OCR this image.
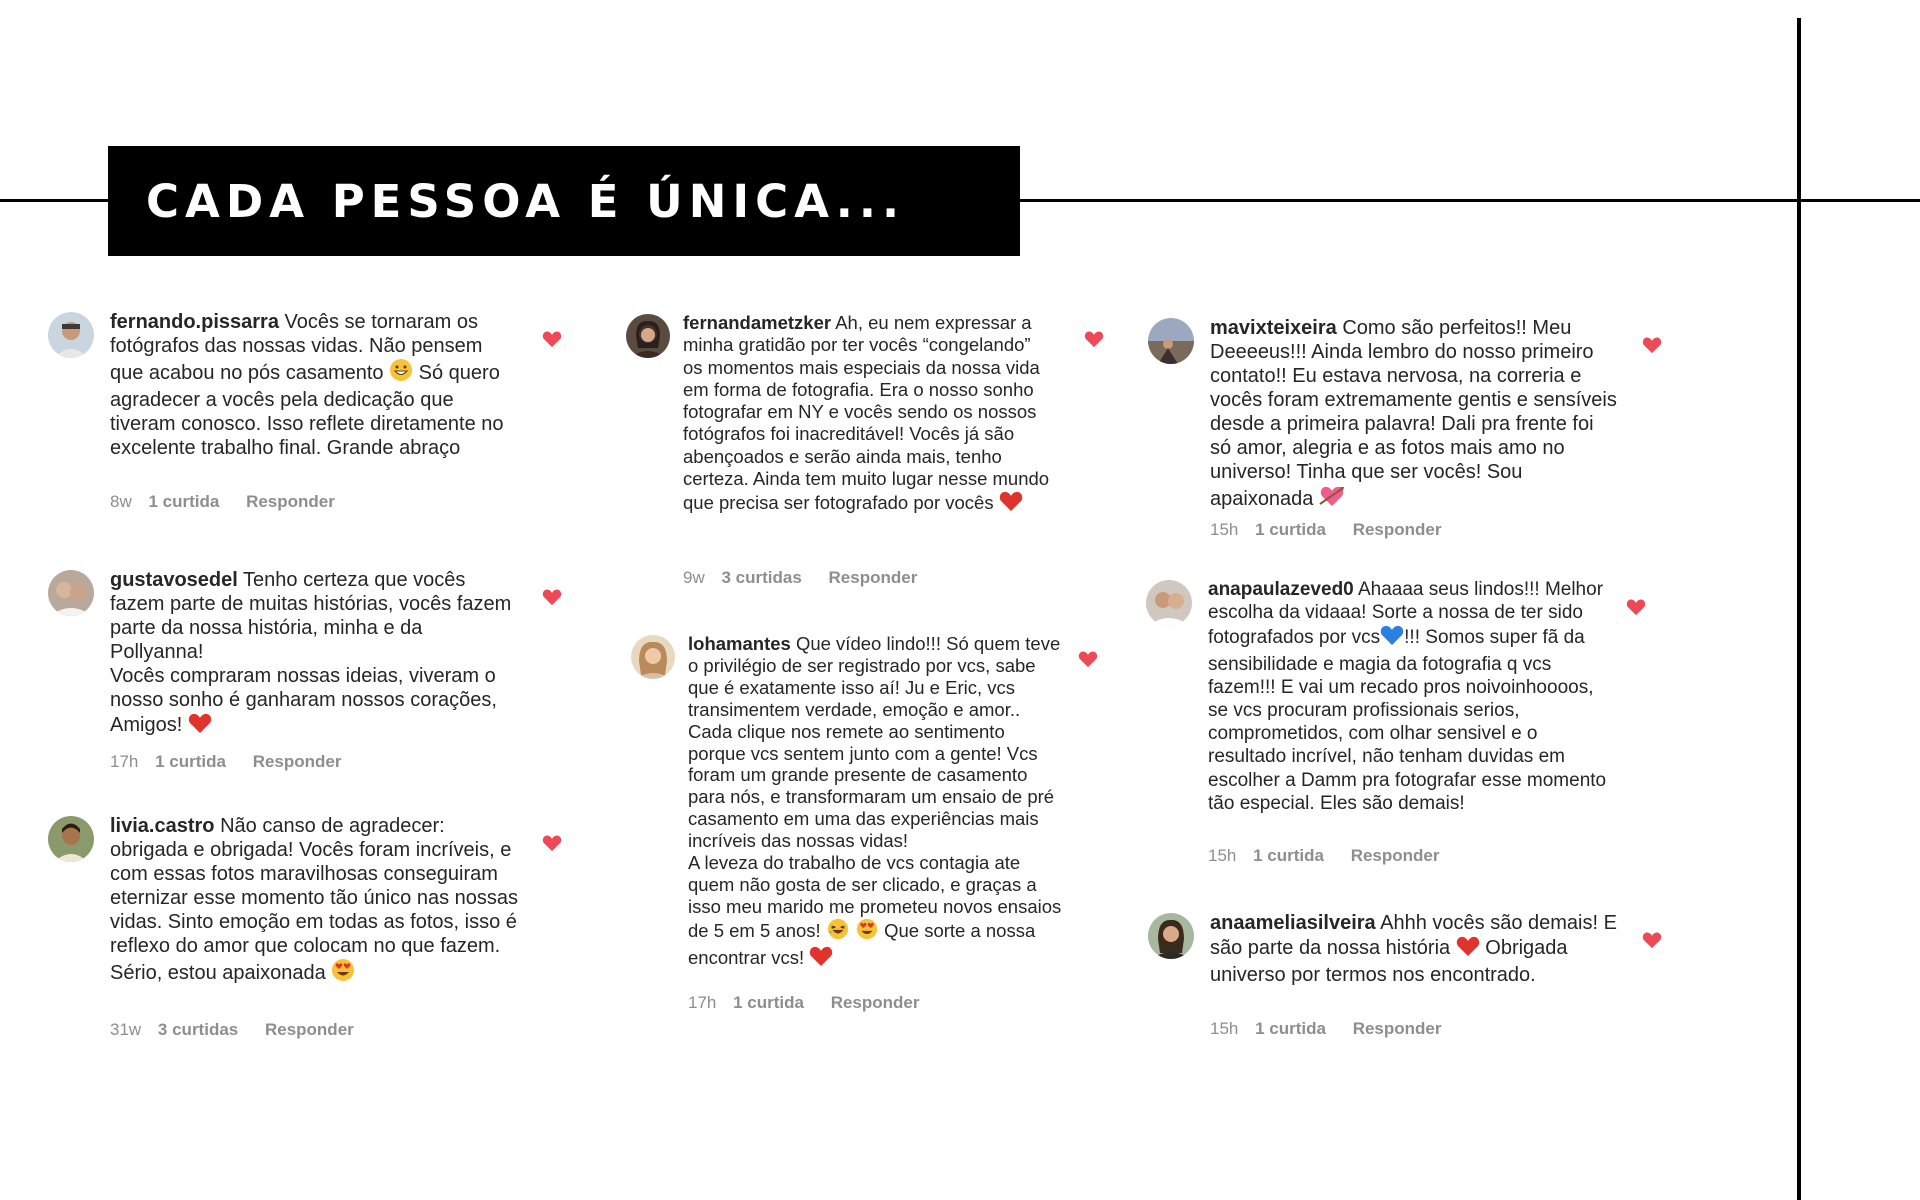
CADA PESSOA É ÚNICA...
fernando.pissarra Vocês se tornaram os fotógrafos das nossas vidas. Não pensem que acabou no pós casamento  Só quero agradecer a vocês pela dedicação que tiveram conosco. Isso reflete diretamente no excelente trabalho final. Grande abraço
8w 1 curtida Responder
gustavosedel Tenho certeza que vocês fazem parte de muitas histórias, vocês fazem parte da nossa história, minha e da Pollyanna!
Vocês compraram nossas ideias, viveram o nosso sonho é ganharam nossos corações, Amigos!
17h 1 curtida Responder
livia.castro Não canso de agradecer: obrigada e obrigada! Vocês foram incríveis, e com essas fotos maravilhosas conseguiram eternizar esse momento tão único nas nossas vidas. Sinto emoção em todas as fotos, isso é reflexo do amor que colocam no que fazem. Sério, estou apaixonada
31w 3 curtidas Responder
fernandametzker Ah, eu nem expressar a minha gratidão por ter vocês “congelando” os momentos mais especiais da nossa vida em forma de fotografia. Era o nosso sonho fotografar em NY e vocês sendo os nossos fotógrafos foi inacreditável! Vocês já são abençoados e serão ainda mais, tenho certeza. Ainda tem muito lugar nesse mundo que precisa ser fotografado por vocês
9w 3 curtidas Responder
lohamantes Que vídeo lindo!!! Só quem teve o privilégio de ser registrado por vcs, sabe que é exatamente isso aí! Ju e Eric, vcs transimentem verdade, emoção e amor.. Cada clique nos remete ao sentimento porque vcs sentem junto com a gente! Vcs foram um grande presente de casamento para nós, e transformaram um ensaio de pré casamento em uma das experiências mais incríveis das nossas vidas!
A leveza do trabalho de vcs contagia ate quem não gosta de ser clicado, e graças a isso meu marido me prometeu novos ensaios de 5 em 5 anos!	Que sorte a nossa encontrar vcs!
17h 1 curtida Responder
mavixteixeira Como são perfeitos!! Meu Deeeeus!!! Ainda lembro do nosso primeiro contato!! Eu estava nervosa, na correria e vocês foram extremamente gentis e sensíveis desde a primeira palavra! Dali pra frente foi só amor, alegria e as fotos mais amo no universo! Tinha que ser vocês! Sou apaixonada
15h 1 curtida Responder
anapaulazeved0 Ahaaaa seus lindos!!! Melhor escolha da vidaaa! Sorte a nossa de ter sido fotografados por vcs !!! Somos super fã da sensibilidade e magia da fotografia q vcs fazem!!! E vai um recado pros noivoinhoooos, se vcs procuram profissionais serios, comprometidos, com olhar sensivel e o resultado incrível, não tenham duvidas em escolher a Damm pra fotografar esse momento tão especial. Eles são demais!
15h 1 curtida Responder
anaameliasilveira Ahhh vocês são demais! E são parte da nossa história  Obrigada universo por termos nos encontrado.
15h 1 curtida Responder
